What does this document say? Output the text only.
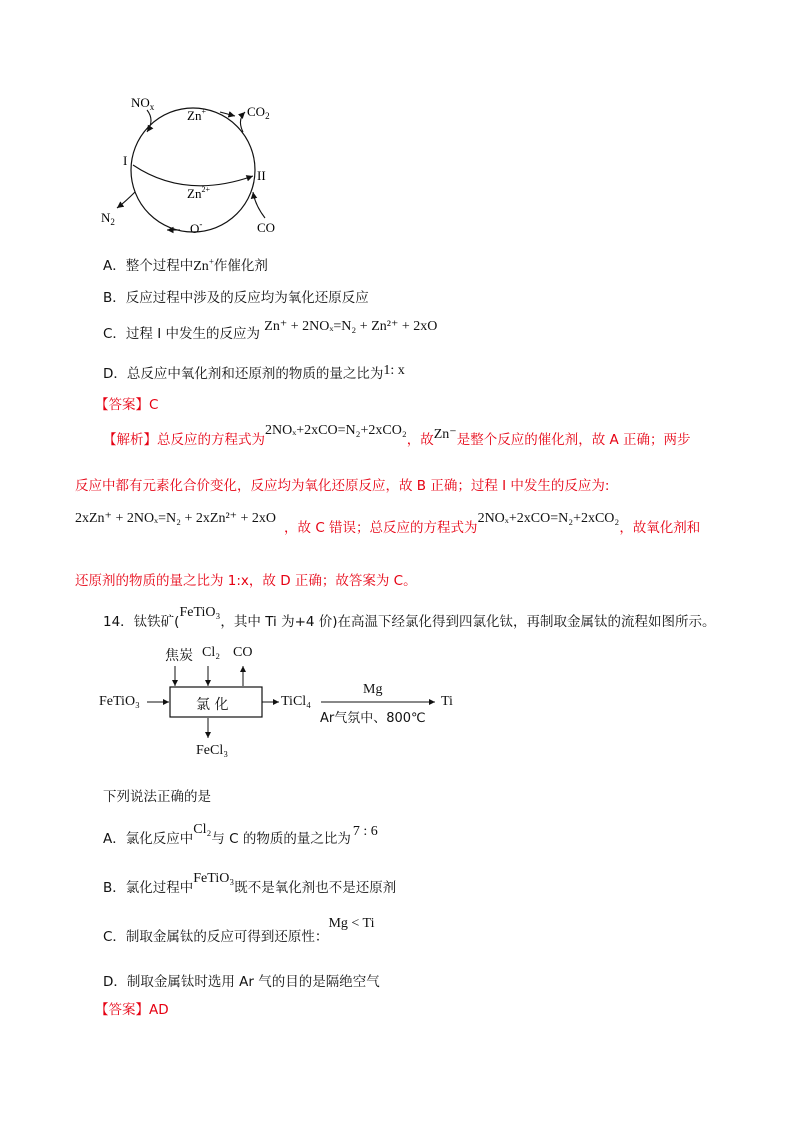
$NO_x$
Zn+	$CO_2$
I
II
$Zn^{2+}$
$N_2$	O-	CO
A．整个过程中Zn+作催化剂
B．反应过程中涉及的反应均为氧化还原反应
C．过程 I 中发生的反应为 Zn⁺ + 2NOₓ=N₂ + Zn²⁺ + 2xO
D．总反应中氧化剂和还原剂的物质的量之比为1: x
【答案】C
【解析】总反应的方程式为2NOₓ+2xCO=N₂+2xCO₂，故Zn⁻是整个反应的催化剂，故 A 正确；两步
反应中都有元素化合价变化，反应均为氧化还原反应，故 B 正确；过程 I 中发生的反应为:
2xZn⁺ + 2NOₓ=N₂ + 2xZn²⁺ + 2xO，故 C 错误；总反应的方程式为2NOₓ+2xCO=N₂+2xCO₂，故氧化剂和
还原剂的物质的量之比为 1:x，故 D 正确；故答案为 C。
14．钛铁矿(FeTiO₃，其中 Ti 为+4 价)在高温下经氯化得到四氯化钛，再制取金属钛的流程如图所示。
焦炭 Cl₂ CO
FeTiO₃	氯 化	TiCl₄
Mg
Ar气氛中、800℃
Ti
FeCl₃
下列说法正确的是
A．氯化反应中Cl₂与 C 的物质的量之比为 7 : 6
B．氯化过程中FeTiO₃既不是氧化剂也不是还原剂
C．制取金属钛的反应可得到还原性：Mg < Ti
D．制取金属钛时选用 Ar 气的目的是隔绝空气
【答案】AD
